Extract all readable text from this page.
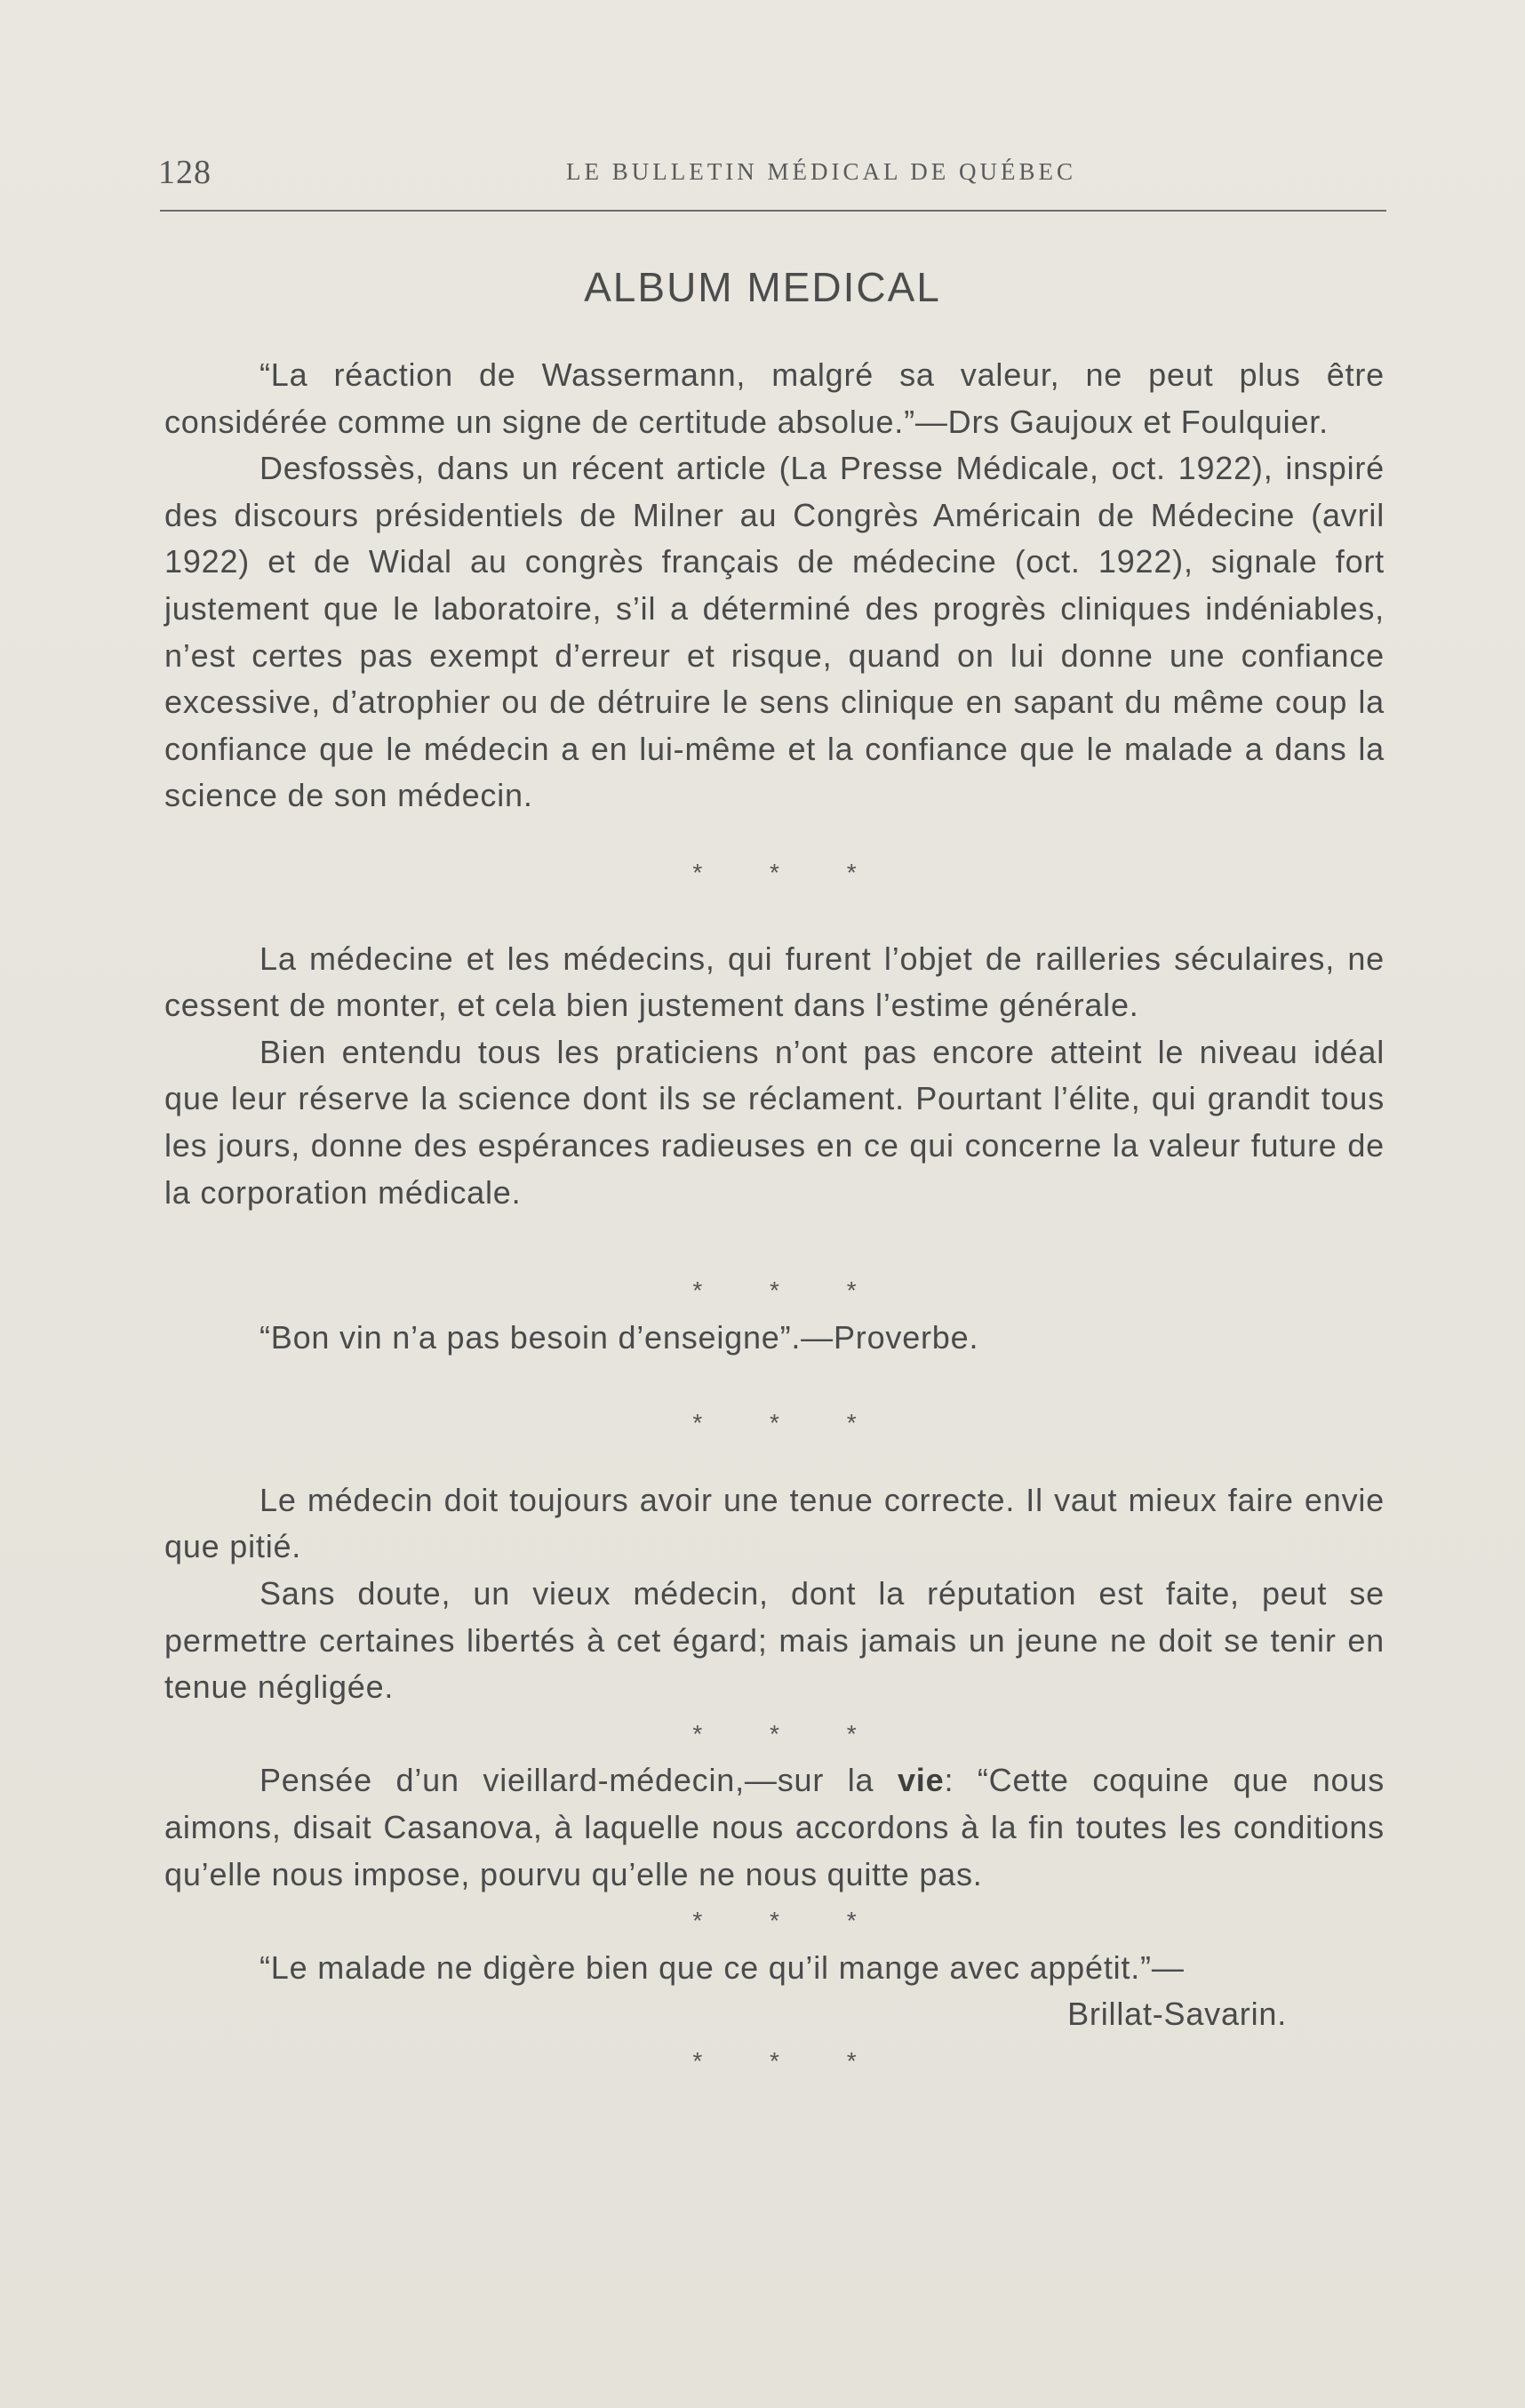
128	LE BULLETIN MÉDICAL DE QUÉBEC
ALBUM MEDICAL

“La réaction de Wassermann, malgré sa valeur, ne peut plus être considérée comme un signe de certitude absolue.”—Drs Gaujoux et Foulquier.

Desfossès, dans un récent article (La Presse Médicale, oct. 1922), inspiré des discours présidentiels de Milner au Congrès Américain de Médecine (avril 1922) et de Widal au congrès français de médecine (oct. 1922), signale fort justement que le laboratoire, s’il a déterminé des progrès cliniques indéniables, n’est certes pas exempt d’erreur et risque, quand on lui donne une confiance excessive, d’atrophier ou de détruire le sens clinique en sapant du même coup la confiance que le médecin a en lui-même et la confiance que le malade a dans la science de son médecin.

* * *

La médecine et les médecins, qui furent l’objet de railleries séculaires, ne cessent de monter, et cela bien justement dans l’estime générale.

Bien entendu tous les praticiens n’ont pas encore atteint le niveau idéal que leur réserve la science dont ils se réclament. Pourtant l’élite, qui grandit tous les jours, donne des espérances radieuses en ce qui concerne la valeur future de la corporation médicale.

* * *

“Bon vin n’a pas besoin d’enseigne”.—Proverbe.

* * *

Le médecin doit toujours avoir une tenue correcte. Il vaut mieux faire envie que pitié.

Sans doute, un vieux médecin, dont la réputation est faite, peut se permettre certaines libertés à cet égard; mais jamais un jeune ne doit se tenir en tenue négligée.

* * *

Pensée d’un vieillard-médecin,—sur la vie: “Cette coquine que nous aimons, disait Casanova, à laquelle nous accordons à la fin toutes les conditions qu’elle nous impose, pourvu qu’elle ne nous quitte pas.

* * *

“Le malade ne digère bien que ce qu’il mange avec appétit.”—

Brillat-Savarin.
* * *
